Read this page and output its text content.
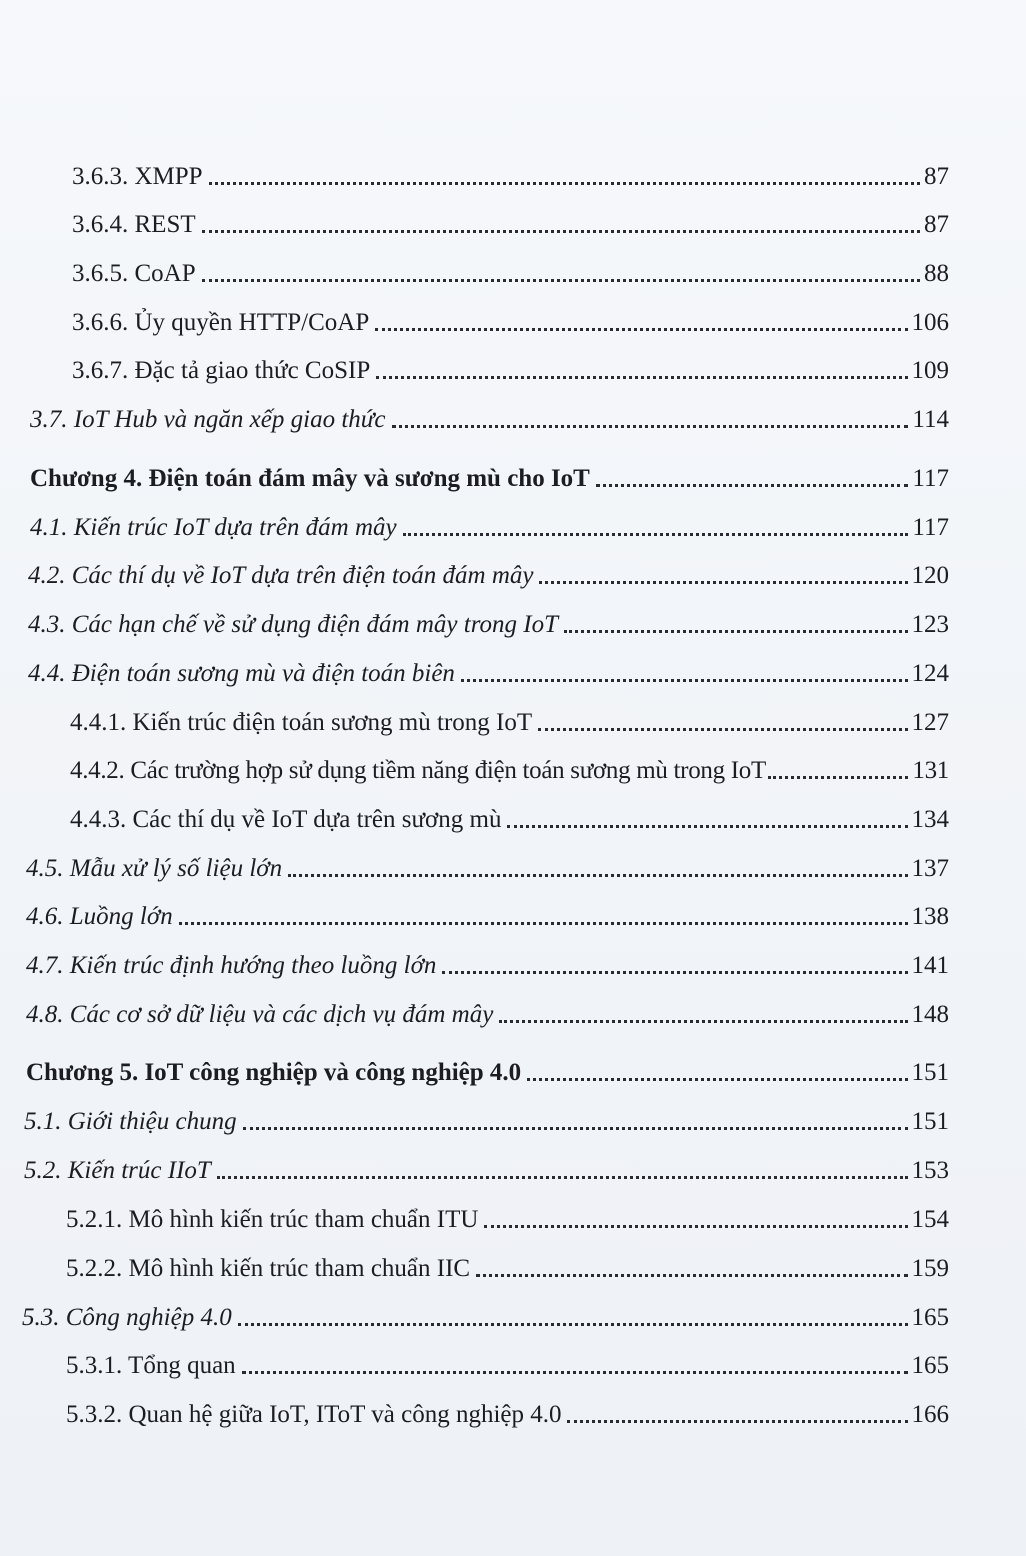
3.6.3. XMPP	87
3.6.4. REST	87
3.6.5. CoAP	88
3.6.6. Ủy quyền HTTP/CoAP	106
3.6.7. Đặc tả giao thức CoSIP	109
3.7. IoT Hub và ngăn xếp giao thức	114
Chương 4. Điện toán đám mây và sương mù cho IoT	117
4.1. Kiến trúc IoT dựa trên đám mây	117
4.2. Các thí dụ về IoT dựa trên điện toán đám mây	120
4.3. Các hạn chế về sử dụng điện đám mây trong IoT	123
4.4. Điện toán sương mù và điện toán biên	124
4.4.1. Kiến trúc điện toán sương mù trong IoT	127
4.4.2. Các trường hợp sử dụng tiềm năng điện toán sương mù trong IoT	131
4.4.3. Các thí dụ về IoT dựa trên sương mù	134
4.5. Mẫu xử lý số liệu lớn	137
4.6. Luồng lớn	138
4.7. Kiến trúc định hướng theo luồng lớn	141
4.8. Các cơ sở dữ liệu và các dịch vụ đám mây	148
Chương 5. IoT công nghiệp và công nghiệp 4.0	151
5.1. Giới thiệu chung	151
5.2. Kiến trúc IIoT	153
5.2.1. Mô hình kiến trúc tham chuẩn ITU	154
5.2.2. Mô hình kiến trúc tham chuẩn IIC	159
5.3. Công nghiệp 4.0	165
5.3.1. Tổng quan	165
5.3.2. Quan hệ giữa IoT, IToT và công nghiệp 4.0	166
